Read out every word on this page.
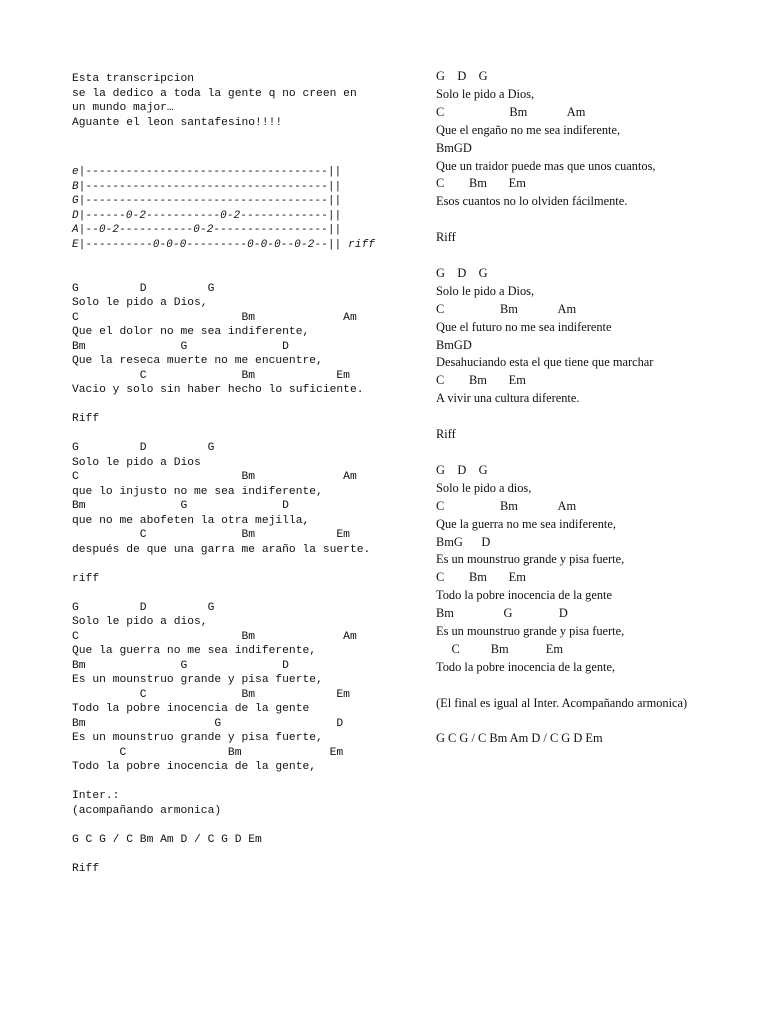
Esta transcripcion

se la dedico a toda la gente q no creen en

un mundo major…

Aguante el leon santafesino!!!!

e|------------------------------------||

B|------------------------------------||

G|------------------------------------||

D|------0-2-----------0-2-------------||

A|--0-2-----------0-2-----------------||

E|----------0-0-0---------0-0-0--0-2--|| riff

G         D         G

Solo le pido a Dios,

C                        Bm             Am

Que el dolor no me sea indiferente,

Bm              G              D

Que la reseca muerte no me encuentre,

C              Bm            Em

Vacio y solo sin haber hecho lo suficiente.

Riff

G         D         G

Solo le pido a Dios

C                        Bm             Am

que lo injusto no me sea indiferente,

Bm              G              D

que no me abofeten la otra mejilla,

C              Bm            Em

después de que una garra me araño la suerte.

riff

G         D         G

Solo le pido a dios,

C                        Bm             Am

Que la guerra no me sea indiferente,

Bm              G              D

Es un mounstruo grande y pisa fuerte,

C              Bm            Em

Todo la pobre inocencia de la gente

Bm                   G                 D

Es un mounstruo grande y pisa fuerte,

C               Bm             Em

Todo la pobre inocencia de la gente,

Inter.:

(acompañando armonica)

G C G / C Bm Am D / C G D Em

Riff

G    D    G

Solo le pido a Dios,

C                     Bm             Am

Que el engaño no me sea indiferente,

BmGD

Que un traidor puede mas que unos cuantos,

C        Bm       Em

Esos cuantos no lo olviden fácilmente.

Riff

G    D    G

Solo le pido a Dios,

C                  Bm             Am

Que el futuro no me sea indiferente

BmGD

Desahuciando esta el que tiene que marchar

C        Bm       Em

A vivir una cultura diferente.

Riff

G    D    G

Solo le pido a dios,

C                  Bm             Am

Que la guerra no me sea indiferente,

BmG      D

Es un mounstruo grande y pisa fuerte,

C        Bm       Em

Todo la pobre inocencia de la gente

Bm                G               D

Es un mounstruo grande y pisa fuerte,

C          Bm            Em

Todo la pobre inocencia de la gente,

(El final es igual al Inter. Acompañando armonica)

G C G / C Bm Am D / C G D Em
